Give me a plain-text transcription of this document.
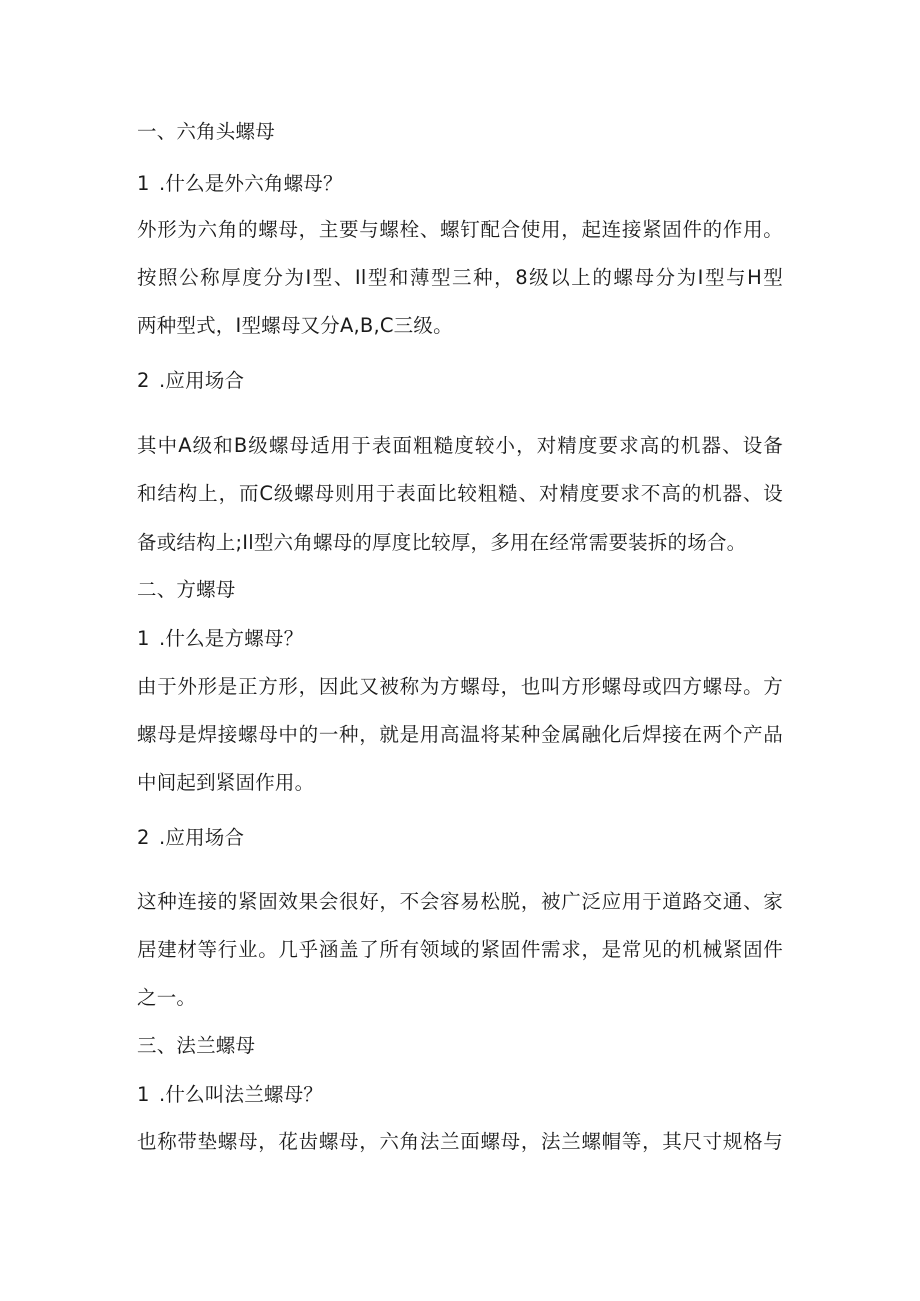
一、六角头螺母
1 .什么是外六角螺母？
外形为六角的螺母，主要与螺栓、螺钉配合使用，起连接紧固件的作用。
按照公称厚度分为I型、Il型和薄型三种，8级以上的螺母分为I型与H型
两种型式，I型螺母又分A,B,C三级。
2 .应用场合
其中A级和B级螺母适用于表面粗糙度较小，对精度要求高的机器、设备
和结构上，而C级螺母则用于表面比较粗糙、对精度要求不高的机器、设
备或结构上;Il型六角螺母的厚度比较厚，多用在经常需要装拆的场合。
二、方螺母
1 .什么是方螺母？
由于外形是正方形，因此又被称为方螺母，也叫方形螺母或四方螺母。方
螺母是焊接螺母中的一种，就是用高温将某种金属融化后焊接在两个产品
中间起到紧固作用。
2 .应用场合
这种连接的紧固效果会很好，不会容易松脱，被广泛应用于道路交通、家
居建材等行业。几乎涵盖了所有领域的紧固件需求，是常见的机械紧固件
之一。
三、法兰螺母
1 .什么叫法兰螺母？
也称带垫螺母，花齿螺母，六角法兰面螺母，法兰螺帽等，其尺寸规格与
